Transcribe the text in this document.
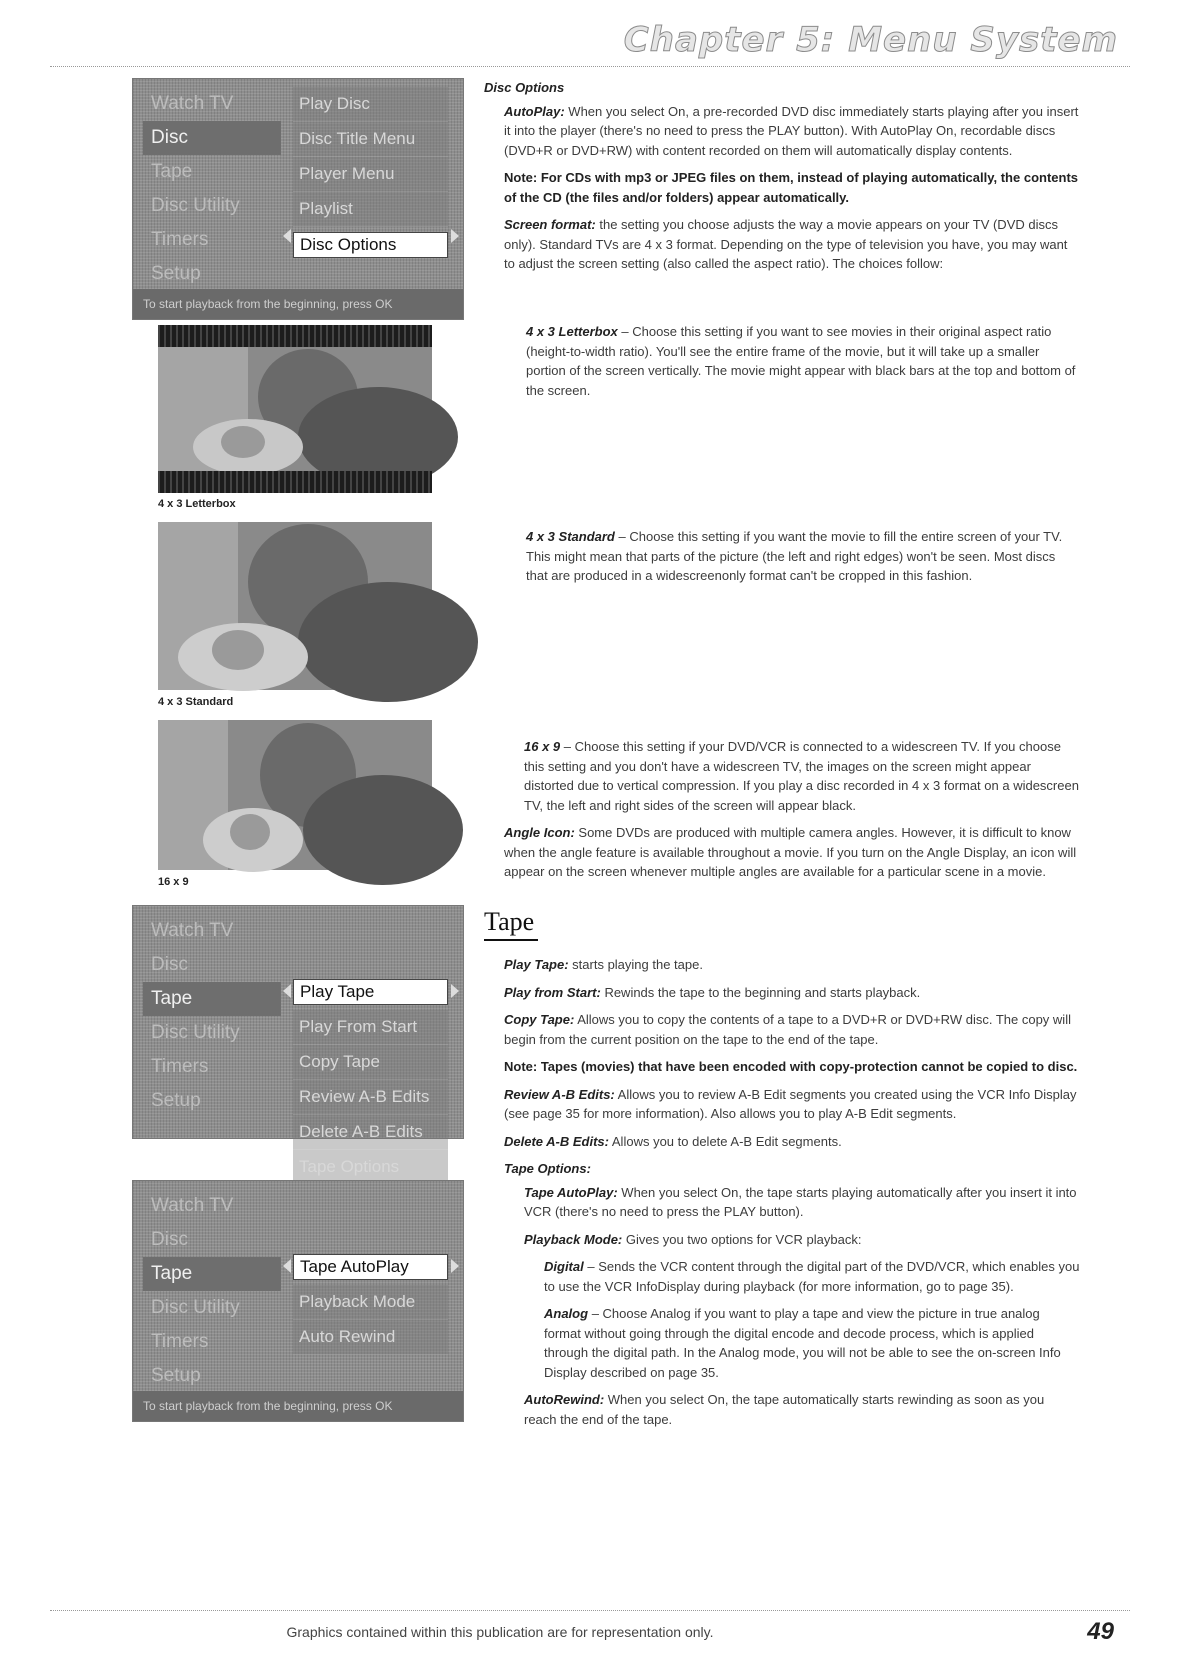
Chapter 5: Menu System
Watch TV
Disc
Tape
Disc Utility
Timers
Setup
Play Disc
Disc Title Menu
Player Menu
Playlist
Disc Options
To start playback from the beginning, press OK
4 x 3 Letterbox
4 x 3 Standard
16 x 9
Disc Options

AutoPlay: When you select On, a pre-recorded DVD disc immediately starts playing after you insert it into the player (there's no need to press the PLAY button). With AutoPlay On, recordable discs (DVD+R or DVD+RW) with content recorded on them will automatically display contents.

Note: For CDs with mp3 or JPEG files on them, instead of playing automatically, the contents of the CD (the files and/or folders) appear automatically.

Screen format: the setting you choose adjusts the way a movie appears on your TV (DVD discs only). Standard TVs are 4 x 3 format. Depending on the type of television you have, you may want to adjust the screen setting (also called the aspect ratio). The choices follow:

4 x 3 Letterbox – Choose this setting if you want to see movies in their original aspect ratio (height-to-width ratio). You'll see the entire frame of the movie, but it will take up a smaller portion of the screen vertically. The movie might appear with black bars at the top and bottom of the screen.

4 x 3 Standard – Choose this setting if you want the movie to fill the entire screen of your TV. This might mean that parts of the picture (the left and right edges) won't be seen. Most discs that are produced in a widescreenonly format can't be cropped in this fashion.

16 x 9 – Choose this setting if your DVD/VCR is connected to a widescreen TV. If you choose this setting and you don't have a widescreen TV, the images on the screen might appear distorted due to vertical compression. If you play a disc recorded in 4 x 3 format on a widescreen TV, the left and right sides of the screen will appear black.

Angle Icon: Some DVDs are produced with multiple camera angles. However, it is difficult to know when the angle feature is available throughout a movie. If you turn on the Angle Display, an icon will appear on the screen whenever multiple angles are available for a particular scene in a movie.

Watch TV
Disc
Tape
Disc Utility
Timers
Setup
Play Tape
Play From Start
Copy Tape
Review A-B Edits
Delete A-B Edits
Tape Options
Watch TV
Disc
Tape
Disc Utility
Timers
Setup
Tape AutoPlay
Playback Mode
Auto Rewind
To start playback from the beginning, press OK
Tape

Play Tape: starts playing the tape.

Play from Start: Rewinds the tape to the beginning and starts playback.

Copy Tape: Allows you to copy the contents of a tape to a DVD+R or DVD+RW disc. The copy will begin from the current position on the tape to the end of the tape.

Note: Tapes (movies) that have been encoded with copy-protection cannot be copied to disc.

Review A-B Edits: Allows you to review A-B Edit segments you created using the VCR Info Display (see page 35 for more information). Also allows you to play A-B Edit segments.

Delete A-B Edits: Allows you to delete A-B Edit segments.

Tape Options:

Tape AutoPlay: When you select On, the tape starts playing automatically after you insert it into VCR (there's no need to press the PLAY button).

Playback Mode: Gives you two options for VCR playback:

Digital – Sends the VCR content through the digital part of the DVD/VCR, which enables you to use the VCR InfoDisplay during playback (for more information, go to page 35).

Analog – Choose Analog if you want to play a tape and view the picture in true analog format without going through the digital encode and decode process, which is applied through the digital path. In the Analog mode, you will not be able to see the on-screen Info Display described on page 35.

AutoRewind: When you select On, the tape automatically starts rewinding as soon as you reach the end of the tape.

Graphics contained within this publication are for representation only.	49
